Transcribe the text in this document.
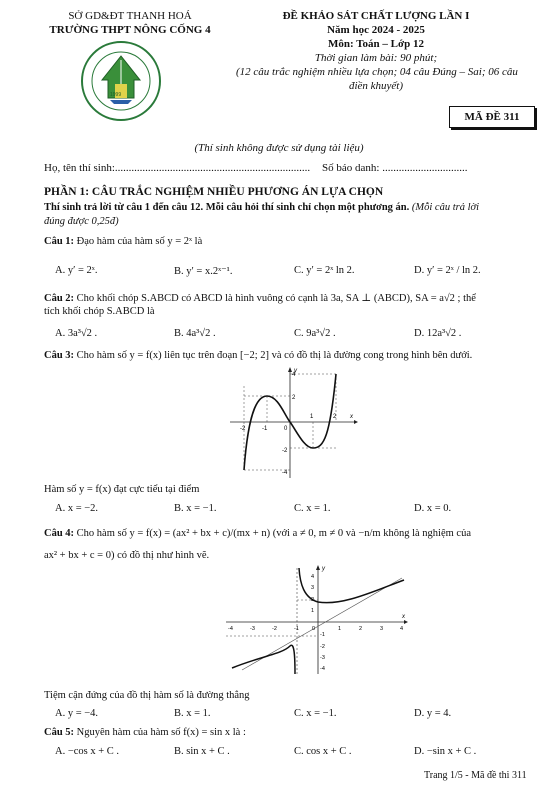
SỞ GD&ĐT THANH HOÁ
TRƯỜNG THPT NÔNG CỐNG 4
1999
ĐỀ KHẢO SÁT CHẤT LƯỢNG LẦN I
Năm học 2024 - 2025
Môn: Toán – Lớp 12
Thời gian làm bài: 90 phút;
(12 câu trắc nghiệm nhiều lựa chọn; 04 câu Đúng – Sai; 06 câu
điền khuyết)
MÃ ĐỀ 311
(Thí sinh không được sử dụng tài liệu)
Họ, tên thí sinh:....................................................................... Số báo danh: ...............................
PHẦN 1: CÂU TRẮC NGHIỆM NHIỀU PHƯƠNG ÁN LỰA CHỌN
Thí sinh trả lời từ câu 1 đến câu 12. Mỗi câu hỏi thí sinh chỉ chọn một phương án. (Mỗi câu trả lời
đúng được 0,25đ)
Câu 1: Đạo hàm của hàm số y = 2ˣ là
A. y′ = 2ˣ.	B. y′ = x.2ˣ⁻¹.	C. y′ = 2ˣ ln 2.	D. y′ = 2ˣ / ln 2.
Câu 2: Cho khối chóp S.ABCD có ABCD là hình vuông có cạnh là 3a, SA ⊥ (ABCD), SA = a√2 ; thể
tích khối chóp S.ABCD là
A. 3a³√2 .	B. 4a³√2 .	C. 9a³√2 .	D. 12a³√2 .
Câu 3: Cho hàm số y = f(x) liên tục trên đoạn [−2; 2] và có đồ thị là đường cong trong hình bên dưới.
-2	-1	0
1	2
4
2
-2
-4
x
y
Hàm số y = f(x) đạt cực tiểu tại điểm
A. x = −2.	B. x = −1.	C. x = 1.	D. x = 0.
Câu 4: Cho hàm số y = f(x) = (ax² + bx + c)/(mx + n) (với a ≠ 0, m ≠ 0 và −n/m không là nghiệm của
ax² + bx + c = 0) có đồ thị như hình vẽ.
-4	-3	-2	-1 0	1	2	3	4
4
3
2
1
-1
-2
-3
-4
x
y
Tiệm cận đứng của đồ thị hàm số là đường thẳng
A. y = −4.	B. x = 1.	C. x = −1.	D. y = 4.
Câu 5: Nguyên hàm của hàm số f(x) = sin x là :
A. −cos x + C .	B. sin x + C .	C. cos x + C .	D. −sin x + C .
Trang 1/5 - Mã đề thi 311
